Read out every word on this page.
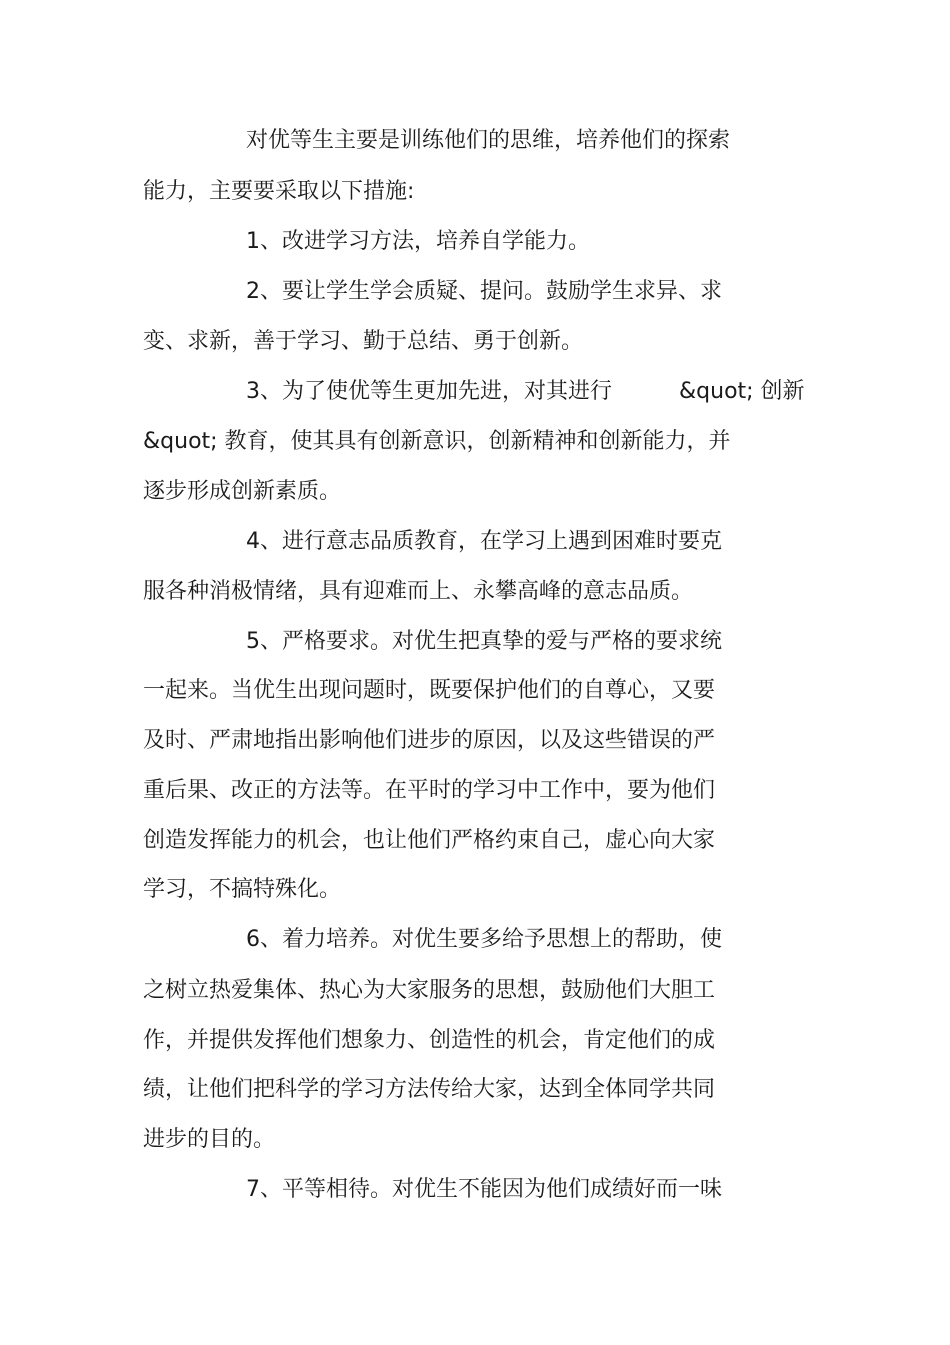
对优等生主要是训练他们的思维，培养他们的探索
能力，主要要采取以下措施:
1、改进学习方法，培养自学能力。
2、要让学生学会质疑、提问。鼓励学生求异、求
变、求新，善于学习、勤于总结、勇于创新。
3、为了使优等生更加先进，对其进行	&quot; 创新
&quot; 教育，使其具有创新意识，创新精神和创新能力，并
逐步形成创新素质。
4、进行意志品质教育，在学习上遇到困难时要克
服各种消极情绪，具有迎难而上、永攀高峰的意志品质。
5、严格要求。对优生把真挚的爱与严格的要求统
一起来。当优生出现问题时，既要保护他们的自尊心，又要
及时、严肃地指出影响他们进步的原因，以及这些错误的严
重后果、改正的方法等。在平时的学习中工作中，要为他们
创造发挥能力的机会，也让他们严格约束自己，虚心向大家
学习，不搞特殊化。
6、着力培养。对优生要多给予思想上的帮助，使
之树立热爱集体、热心为大家服务的思想，鼓励他们大胆工
作，并提供发挥他们想象力、创造性的机会，肯定他们的成
绩，让他们把科学的学习方法传给大家，达到全体同学共同
进步的目的。
7、平等相待。对优生不能因为他们成绩好而一味
